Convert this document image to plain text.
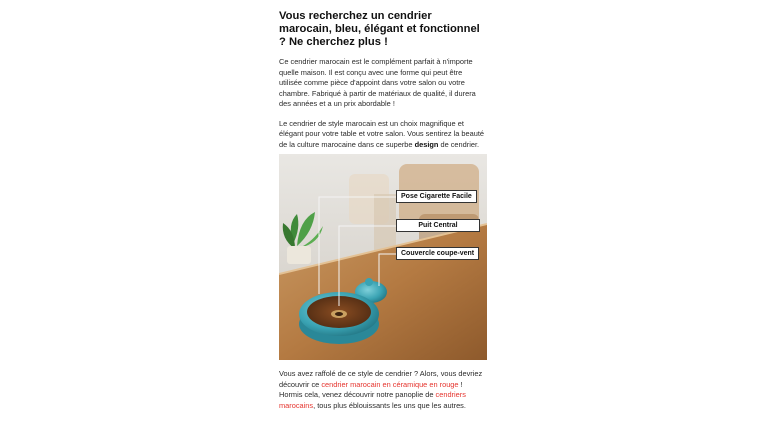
Vous recherchez un cendrier marocain, bleu, élégant et fonctionnel ? Ne cherchez plus !

Ce cendrier marocain est le complément parfait à n'importe quelle maison. Il est conçu avec une forme qui peut être utilisée comme pièce d'appoint dans votre salon ou votre chambre. Fabriqué à partir de matériaux de qualité, il durera des années et a un prix abordable !

Le cendrier de style marocain est un choix magnifique et élégant pour votre table et votre salon. Vous sentirez la beauté de la culture marocaine dans ce superbe design de cendrier.

Pose Cigarette Facile
Puit Central
Couvercle coupe-vent

Vous avez raffolé de ce style de cendrier ? Alors, vous devriez découvrir ce cendrier marocain en céramique en rouge ! Hormis cela, venez découvrir notre panoplie de cendriers marocains, tous plus éblouissants les uns que les autres.
